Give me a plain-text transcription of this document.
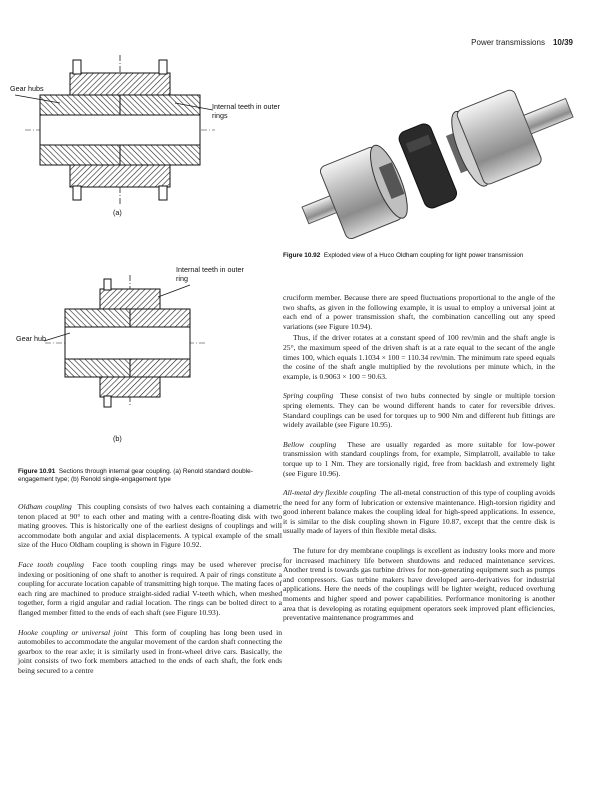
Power transmissions 10/39
Gear hubs
Internal teeth in outer rings
(a)
Internal teeth in outer ring
Gear hub
(b)
Figure 10.91 Sections through internal gear coupling. (a) Renold standard double-engagement type; (b) Renold single-engagement type
Figure 10.92 Exploded view of a Huco Oldham coupling for light power transmission

Oldham coupling This coupling consists of two halves each containing a diametric tenon placed at 90° to each other and mating with a centre-floating disk with two mating grooves. This is historically one of the earliest designs of couplings and will accommodate both angular and axial displacements. A typical example of the small size of the Huco Oldham coupling is shown in Figure 10.92.

Face tooth coupling Face tooth coupling rings may be used wherever precise indexing or positioning of one shaft to another is required. A pair of rings constitute a coupling for accurate location capable of transmitting high torque. The mating faces of each ring are machined to produce straight-sided radial V-teeth which, when meshed together, form a rigid angular and radial location. The rings can be bolted direct to a flanged member fitted to the ends of each shaft (see Figure 10.93).

Hooke coupling or universal joint This form of coupling has long been used in automobiles to accommodate the angular movement of the cardon shaft connecting the gearbox to the rear axle; it is similarly used in front-wheel drive cars. Basically, the joint consists of two fork members attached to the ends of each shaft, the fork ends being secured to a centre

cruciform member. Because there are speed fluctuations proportional to the angle of the two shafts, as given in the following example, it is usual to employ a universal joint at each end of a power transmission shaft, the combination cancelling out any speed variations (see Figure 10.94).

Thus, if the driver rotates at a constant speed of 100 rev/min and the shaft angle is 25°, the maximum speed of the driven shaft is at a rate equal to the secant of the angle times 100, which equals 1.1034 × 100 = 110.34 rev/min. The minimum rate speed equals the cosine of the shaft angle multiplied by the revolutions per minute which, in the example, is 0.9063 × 100 = 90.63.

Spring coupling These consist of two hubs connected by single or multiple torsion spring elements. They can be wound different hands to cater for reversible drives. Standard couplings can be used for torques up to 900 Nm and different hub fittings are widely available (see Figure 10.95).

Bellow coupling These are usually regarded as more suitable for low-power transmission with standard couplings from, for example, Simplatroll, available to take torque up to 1 Nm. They are torsionally rigid, free from backlash and extremely light (see Figure 10.96).

All-metal dry flexible coupling The all-metal construction of this type of coupling avoids the need for any form of lubrication or extensive maintenance. High-torsion rigidity and good inherent balance makes the coupling ideal for high-speed applications. In essence, it is similar to the disk coupling shown in Figure 10.87, except that the centre disk is usually made of layers of thin flexible metal disks.

The future for dry membrane couplings is excellent as industry looks more and more for increased machinery life between shutdowns and reduced maintenance services. Another trend is towards gas turbine drives for non-generating equipment such as pumps and compressors. Gas turbine makers have developed aero-derivatives for industrial applications. Here the needs of the couplings will be lighter weight, reduced overhung moments and higher speed and power capabilities. Performance monitoring is another area that is developing as rotating equipment operators seek improved plant efficiencies, preventative maintenance programmes and
